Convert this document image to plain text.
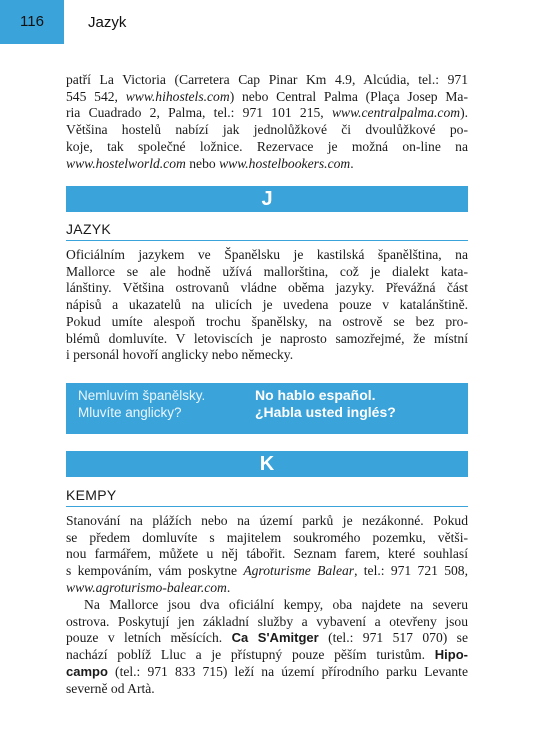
116	Jazyk
patří La Victoria (Carretera Cap Pinar Km 4.9, Alcúdia, tel.: 971
545 542, www.hihostels.com) nebo Central Palma (Plaça Josep Ma-
ria Cuadrado 2, Palma, tel.: 971 101 215, www.centralpalma.com).
Většina hostelů nabízí jak jednolůžkové či dvoulůžkové po-
koje, tak společné ložnice. Rezervace je možná on-line na
www.hostelworld.com nebo www.hostelbookers.com.
J
JAZYK
Oficiálním jazykem ve Španělsku je kastilská španělština, na
Mallorce se ale hodně užívá mallorština, což je dialekt kata-
lánštiny. Většina ostrovanů vládne oběma jazyky. Převážná část
nápisů a ukazatelů na ulicích je uvedena pouze v katalánštině.
Pokud umíte alespoň trochu španělsky, na ostrově se bez pro-
blémů domluvíte. V letoviscích je naprosto samozřejmé, že místní
i personál hovoří anglicky nebo německy.
Nemluvím španělsky.	No hablo español.
Mluvíte anglicky?	¿Habla usted inglés?
K
KEMPY
Stanování na plážích nebo na území parků je nezákonné. Pokud
se předem domluvíte s majitelem soukromého pozemku, větši-
nou farmářem, můžete u něj tábořit. Seznam farem, které souhlasí
s kempováním, vám poskytne Agroturisme Balear, tel.: 971 721 508,
www.agroturismo-balear.com.
Na Mallorce jsou dva oficiální kempy, oba najdete na severu
ostrova. Poskytují jen základní služby a vybavení a otevřeny jsou
pouze v letních měsících. Ca S'Amitger (tel.: 971 517 070) se
nachází poblíž Lluc a je přístupný pouze pěším turistům. Hipo-
campo (tel.: 971 833 715) leží na území přírodního parku Levante
severně od Artà.
